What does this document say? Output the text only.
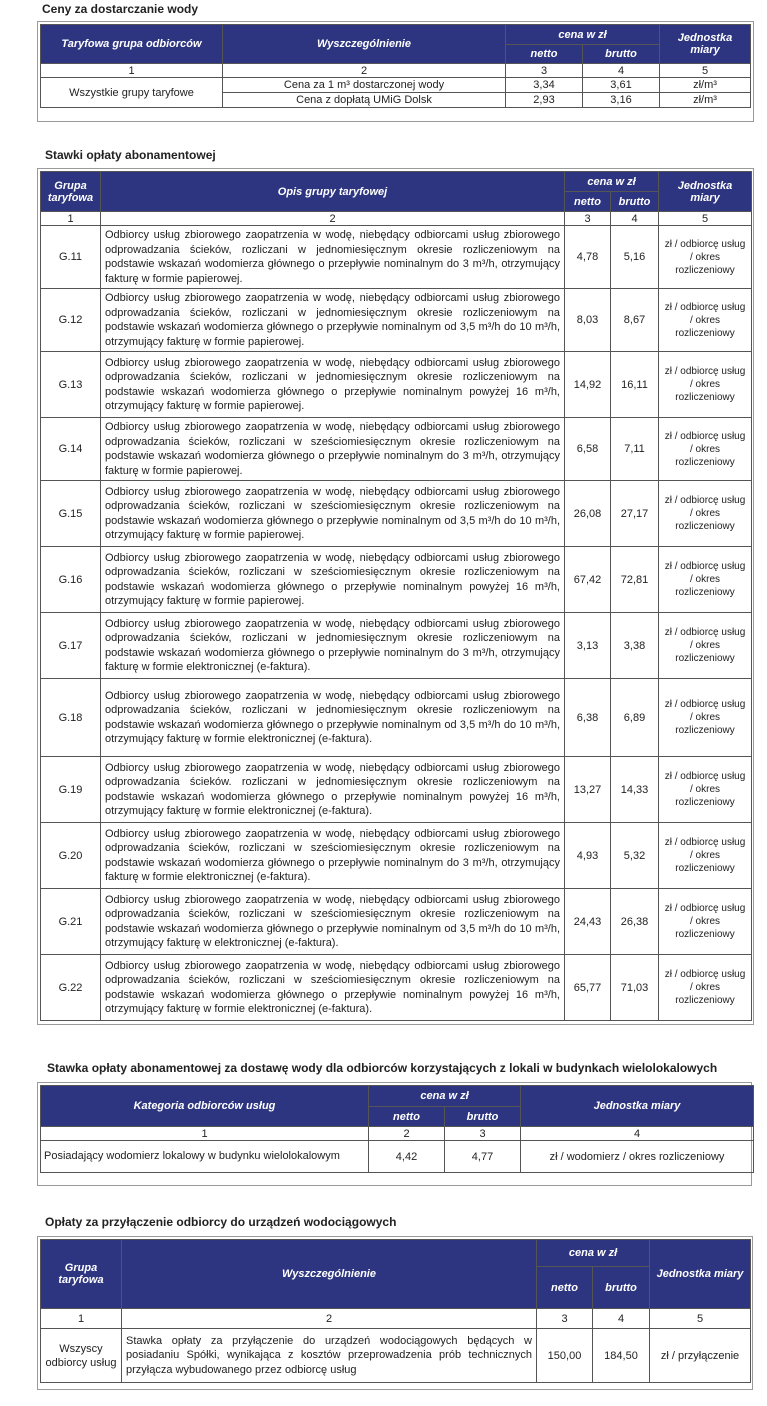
Ceny za dostarczanie wody
Taryfowa grupa odbiorców	Wyszczególnienie	cena w zł		Jednostka miary
		netto	brutto	
1	2	3	4	5
Wszystkie grupy taryfowe	Cena za 1 m³ dostarczonej wody	3,34	3,61	zł/m³
	Cena z dopłatą UMiG Dolsk	2,93	3,16	zł/m³
Stawki opłaty abonamentowej
Grupa taryfowa	Opis grupy taryfowej	cena w zł		Jednostka miary
		netto	brutto	
1	2	3	4	5
G.11	Odbiorcy usług zbiorowego zaopatrzenia w wodę, niebędący odbiorcami usług zbiorowego odprowadzania ścieków, rozliczani w jednomiesięcznym okresie rozliczeniowym na podstawie wskazań wodomierza głównego o przepływie nominalnym do 3 m³/h, otrzymujący fakturę w formie papierowej.	4,78	5,16	zł / odbiorcę usług / okres rozliczeniowy
G.12	Odbiorcy usług zbiorowego zaopatrzenia w wodę, niebędący odbiorcami usług zbiorowego odprowadzania ścieków, rozliczani w jednomiesięcznym okresie rozliczeniowym na podstawie wskazań wodomierza głównego o przepływie nominalnym od 3,5 m³/h do 10 m³/h, otrzymujący fakturę w formie papierowej.	8,03	8,67	zł / odbiorcę usług / okres rozliczeniowy
G.13	Odbiorcy usług zbiorowego zaopatrzenia w wodę, niebędący odbiorcami usług zbiorowego odprowadzania ścieków, rozliczani w jednomiesięcznym okresie rozliczeniowym na podstawie wskazań wodomierza głównego o przepływie nominalnym powyżej 16 m³/h, otrzymujący fakturę w formie papierowej.	14,92	16,11	zł / odbiorcę usług / okres rozliczeniowy
G.14	Odbiorcy usług zbiorowego zaopatrzenia w wodę, niebędący odbiorcami usług zbiorowego odprowadzania ścieków, rozliczani w sześciomiesięcznym okresie rozliczeniowym na podstawie wskazań wodomierza głównego o przepływie nominalnym do 3 m³/h, otrzymujący fakturę w formie papierowej.	6,58	7,11	zł / odbiorcę usług / okres rozliczeniowy
G.15	Odbiorcy usług zbiorowego zaopatrzenia w wodę, niebędący odbiorcami usług zbiorowego odprowadzania ścieków, rozliczani w sześciomiesięcznym okresie rozliczeniowym na podstawie wskazań wodomierza głównego o przepływie nominalnym od 3,5 m³/h do 10 m³/h, otrzymujący fakturę w formie papierowej.	26,08	27,17	zł / odbiorcę usług / okres rozliczeniowy
G.16	Odbiorcy usług zbiorowego zaopatrzenia w wodę, niebędący odbiorcami usług zbiorowego odprowadzania ścieków, rozliczani w sześciomiesięcznym okresie rozliczeniowym na podstawie wskazań wodomierza głównego o przepływie nominalnym powyżej 16 m³/h, otrzymujący fakturę w formie papierowej.	67,42	72,81	zł / odbiorcę usług / okres rozliczeniowy
G.17	Odbiorcy usług zbiorowego zaopatrzenia w wodę, niebędący odbiorcami usług zbiorowego odprowadzania ścieków, rozliczani w jednomiesięcznym okresie rozliczeniowym na podstawie wskazań wodomierza głównego o przepływie nominalnym do 3 m³/h, otrzymujący fakturę w formie elektronicznej (e-faktura).	3,13	3,38	zł / odbiorcę usług / okres rozliczeniowy
G.18	Odbiorcy usług zbiorowego zaopatrzenia w wodę, niebędący odbiorcami usług zbiorowego odprowadzania ścieków, rozliczani w jednomiesięcznym okresie rozliczeniowym na podstawie wskazań wodomierza głównego o przepływie nominalnym od 3,5 m³/h do 10 m³/h, otrzymujący fakturę w formie elektronicznej (e-faktura).	6,38	6,89	zł / odbiorcę usług / okres rozliczeniowy
G.19	Odbiorcy usług zbiorowego zaopatrzenia w wodę, niebędący odbiorcami usług zbiorowego odprowadzania ścieków. rozliczani w jednomiesięcznym okresie rozliczeniowym na podstawie wskazań wodomierza głównego o przepływie nominalnym powyżej 16 m³/h, otrzymujący fakturę w formie elektronicznej (e-faktura).	13,27	14,33	zł / odbiorcę usług / okres rozliczeniowy
G.20	Odbiorcy usług zbiorowego zaopatrzenia w wodę, niebędący odbiorcami usług zbiorowego odprowadzania ścieków, rozliczani w sześciomiesięcznym okresie rozliczeniowym na podstawie wskazań wodomierza głównego o przepływie nominalnym do 3 m³/h, otrzymujący fakturę w formie elektronicznej (e-faktura).	4,93	5,32	zł / odbiorcę usług / okres rozliczeniowy
G.21	Odbiorcy usług zbiorowego zaopatrzenia w wodę, niebędący odbiorcami usług zbiorowego odprowadzania ścieków, rozliczani w sześciomiesięcznym okresie rozliczeniowym na podstawie wskazań wodomierza głównego o przepływie nominalnym od 3,5 m³/h do 10 m³/h, otrzymujący fakturę w elektronicznej (e-faktura).	24,43	26,38	zł / odbiorcę usług / okres rozliczeniowy
G.22	Odbiorcy usług zbiorowego zaopatrzenia w wodę, niebędący odbiorcami usług zbiorowego odprowadzania ścieków, rozliczani w sześciomiesięcznym okresie rozliczeniowym na podstawie wskazań wodomierza głównego o przepływie nominalnym powyżej 16 m³/h, otrzymujący fakturę w formie elektronicznej (e-faktura).	65,77	71,03	zł / odbiorcę usług / okres rozliczeniowy
Stawka opłaty abonamentowej za dostawę wody dla odbiorców korzystających z lokali w budynkach wielolokalowych
Kategoria odbiorców usług	cena w zł		Jednostka miary
	netto	brutto	
1	2	3	4
Posiadający wodomierz lokalowy w budynku wielolokalowym	4,42	4,77	zł / wodomierz / okres rozliczeniowy
Opłaty za przyłączenie odbiorcy do urządzeń wodociągowych
Grupa taryfowa	Wyszczególnienie	cena w zł		Jednostka miary
		netto	brutto	
1	2	3	4	5
Wszyscy odbiorcy usług	Stawka opłaty za przyłączenie do urządzeń wodociągowych będących w posiadaniu Spółki, wynikająca z kosztów przeprowadzenia prób technicznych przyłącza wybudowanego przez odbiorcę usług	150,00	184,50	zł / przyłączenie
